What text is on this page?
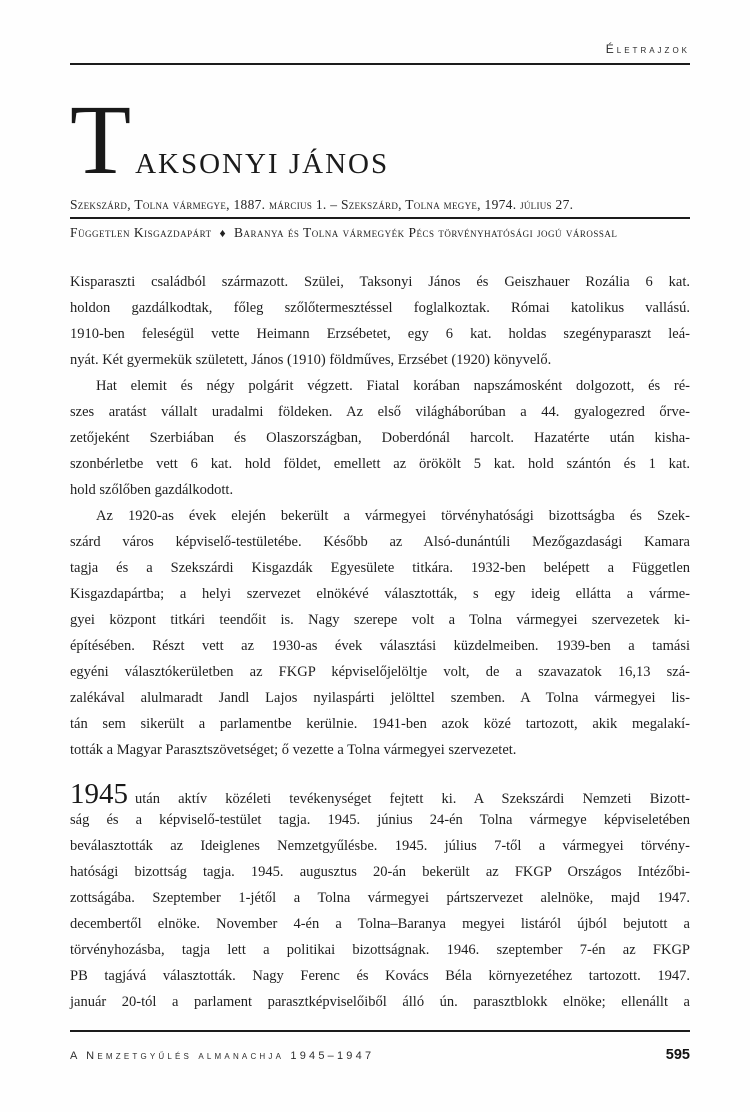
Életrajzok
T AKSONYI JÁNOS
Szekszárd, Tolna vármegye, 1887. március 1. – Szekszárd, Tolna megye, 1974. július 27.
Független Kisgazdapárt ♦ Baranya és Tolna vármegyék Pécs törvényhatósági jogú várossal
Kisparaszti családból származott. Szülei, Taksonyi János és Geiszhauer Rozália 6 kat.
holdon gazdálkodtak, főleg szőlőtermesztéssel foglalkoztak. Római katolikus vallású.
1910-ben feleségül vette Heimann Erzsébetet, egy 6 kat. holdas szegényparaszt leá-
nyát. Két gyermekük született, János (1910) földműves, Erzsébet (1920) könyvelő.
Hat elemit és négy polgárit végzett. Fiatal korában napszámosként dolgozott, és ré-
szes aratást vállalt uradalmi földeken. Az első világháborúban a 44. gyalogezred őrve-
zetőjeként Szerbiában és Olaszországban, Doberdónál harcolt. Hazatérte után kisha-
szonbérletbe vett 6 kat. hold földet, emellett az örökölt 5 kat. hold szántón és 1 kat.
hold szőlőben gazdálkodott.
Az 1920-as évek elején bekerült a vármegyei törvényhatósági bizottságba és Szek-
szárd város képviselő-testületébe. Később az Alsó-dunántúli Mezőgazdasági Kamara
tagja és a Szekszárdi Kisgazdák Egyesülete titkára. 1932-ben belépett a Független
Kisgazdapártba; a helyi szervezet elnökévé választották, s egy ideig ellátta a várme-
gyei központ titkári teendőit is. Nagy szerepe volt a Tolna vármegyei szervezetek ki-
építésében. Részt vett az 1930-as évek választási küzdelmeiben. 1939-ben a tamási
egyéni választókerületben az FKGP képviselőjelöltje volt, de a szavazatok 16,13 szá-
zalékával alulmaradt Jandl Lajos nyilaspárti jelölttel szemben. A Tolna vármegyei lis-
tán sem sikerült a parlamentbe kerülnie. 1941-ben azok közé tartozott, akik megalakí-
tották a Magyar Parasztszövetséget; ő vezette a Tolna vármegyei szervezetet.
1945 után aktív közéleti tevékenységet fejtett ki. A Szekszárdi Nemzeti Bizott-
ság és a képviselő-testület tagja. 1945. június 24-én Tolna vármegye képviseletében
beválasztották az Ideiglenes Nemzetgyűlésbe. 1945. július 7-től a vármegyei törvény-
hatósági bizottság tagja. 1945. augusztus 20-án bekerült az FKGP Országos Intézőbi-
zottságába. Szeptember 1-jétől a Tolna vármegyei pártszervezet alelnöke, majd 1947.
decembertől elnöke. November 4-én a Tolna–Baranya megyei listáról újból bejutott a
törvényhozásba, tagja lett a politikai bizottságnak. 1946. szeptember 7-én az FKGP
PB tagjává választották. Nagy Ferenc és Kovács Béla környezetéhez tartozott. 1947.
január 20-tól a parlament parasztképviselőiből álló ún. parasztblokk elnöke; ellenállt a
A Nemzetgyűlés almanachja 1945–1947	595
